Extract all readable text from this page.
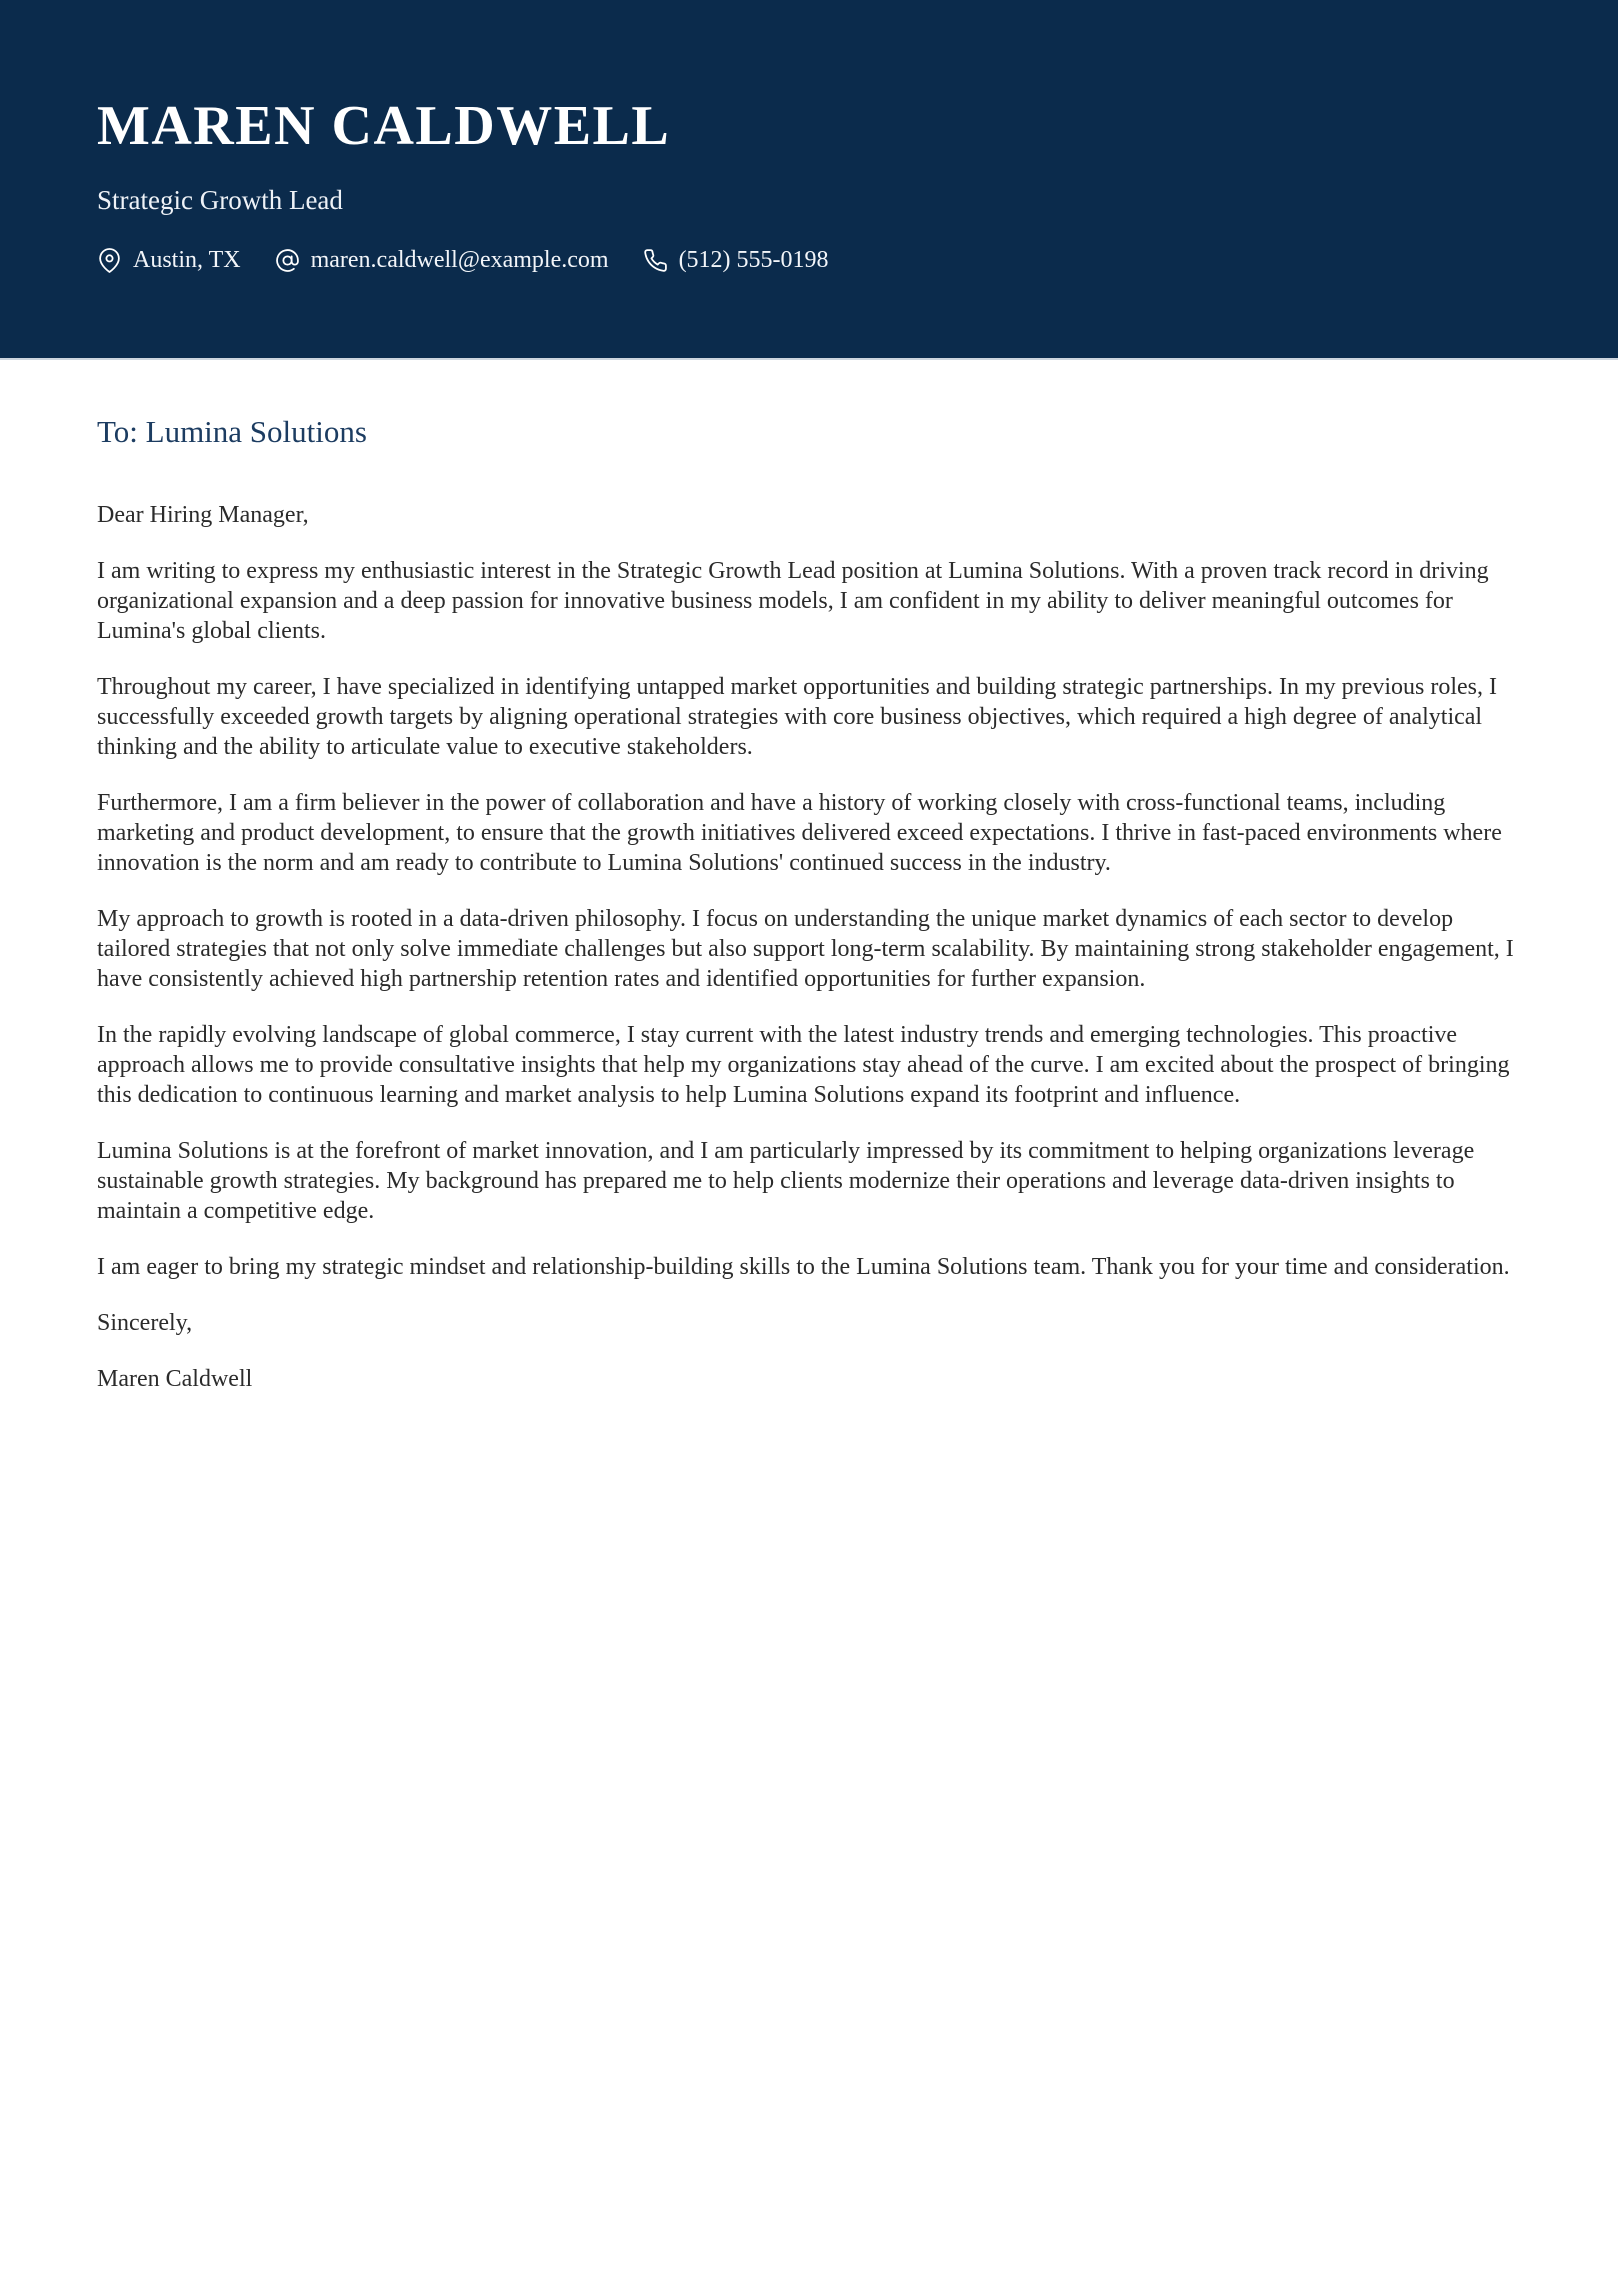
MAREN CALDWELL
Strategic Growth Lead
Austin, TX	maren.caldwell@example.com	(512) 555-0198
To: Lumina Solutions

Dear Hiring Manager,

I am writing to express my enthusiastic interest in the Strategic Growth Lead position at Lumina Solutions. With a proven track record in driving organizational expansion and a deep passion for innovative business models, I am confident in my ability to deliver meaningful outcomes for Lumina's global clients.

Throughout my career, I have specialized in identifying untapped market opportunities and building strategic partnerships. In my previous roles, I successfully exceeded growth targets by aligning operational strategies with core business objectives, which required a high degree of analytical thinking and the ability to articulate value to executive stakeholders.

Furthermore, I am a firm believer in the power of collaboration and have a history of working closely with cross-functional teams, including marketing and product development, to ensure that the growth initiatives delivered exceed expectations. I thrive in fast-paced environments where innovation is the norm and am ready to contribute to Lumina Solutions' continued success in the industry.

My approach to growth is rooted in a data-driven philosophy. I focus on understanding the unique market dynamics of each sector to develop tailored strategies that not only solve immediate challenges but also support long-term scalability. By maintaining strong stakeholder engagement, I have consistently achieved high partnership retention rates and identified opportunities for further expansion.

In the rapidly evolving landscape of global commerce, I stay current with the latest industry trends and emerging technologies. This proactive approach allows me to provide consultative insights that help my organizations stay ahead of the curve. I am excited about the prospect of bringing this dedication to continuous learning and market analysis to help Lumina Solutions expand its footprint and influence.

Lumina Solutions is at the forefront of market innovation, and I am particularly impressed by its commitment to helping organizations leverage sustainable growth strategies. My background has prepared me to help clients modernize their operations and leverage data-driven insights to maintain a competitive edge.

I am eager to bring my strategic mindset and relationship-building skills to the Lumina Solutions team. Thank you for your time and consideration.

Sincerely,

Maren Caldwell
